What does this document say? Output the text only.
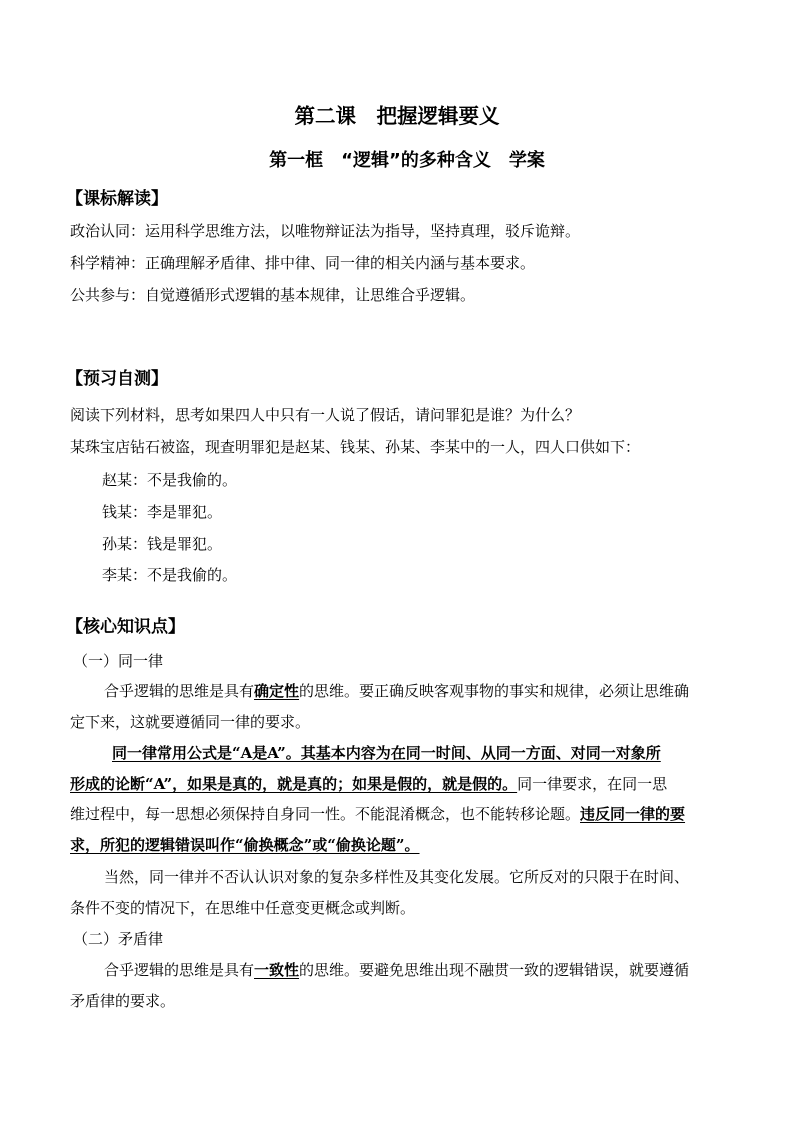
第二课　把握逻辑要义
第一框　“逻辑”的多种含义　学案
【课标解读】
政治认同：运用科学思维方法，以唯物辩证法为指导，坚持真理，驳斥诡辩。
科学精神：正确理解矛盾律、排中律、同一律的相关内涵与基本要求。
公共参与：自觉遵循形式逻辑的基本规律，让思维合乎逻辑。
【预习自测】
阅读下列材料，思考如果四人中只有一人说了假话，请问罪犯是谁？为什么？
某珠宝店钻石被盗，现查明罪犯是赵某、钱某、孙某、李某中的一人，四人口供如下：
赵某：不是我偷的。
钱某：李是罪犯。
孙某：钱是罪犯。
李某：不是我偷的。
【核心知识点】
（一）同一律
合乎逻辑的思维是具有确定性的思维。要正确反映客观事物的事实和规律，必须让思维确
定下来，这就要遵循同一律的要求。
同一律常用公式是“A是A”。其基本内容为在同一时间、从同一方面、对同一对象所
形成的论断“A”，如果是真的，就是真的；如果是假的，就是假的。同一律要求，在同一思
维过程中，每一思想必须保持自身同一性。不能混淆概念，也不能转移论题。违反同一律的要
求，所犯的逻辑错误叫作“偷换概念”或“偷换论题”。
当然，同一律并不否认认识对象的复杂多样性及其变化发展。它所反对的只限于在时间、
条件不变的情况下，在思维中任意变更概念或判断。
（二）矛盾律
合乎逻辑的思维是具有一致性的思维。要避免思维出现不融贯一致的逻辑错误，就要遵循
矛盾律的要求。
